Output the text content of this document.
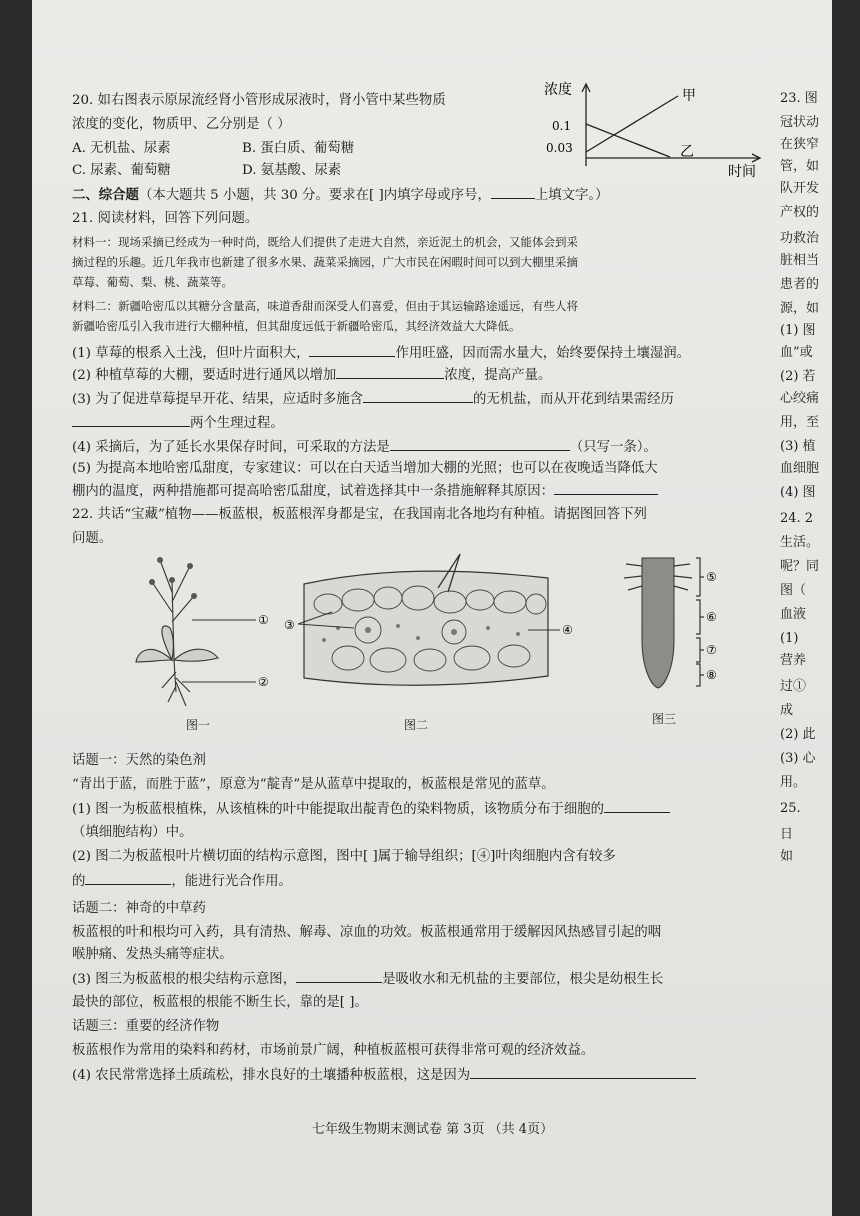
20. 如右图表示原尿流经肾小管形成尿液时，肾小管中某些物质
浓度的变化，物质甲、乙分别是（ ）
A. 无机盐、尿素	B. 蛋白质、葡萄糖
C. 尿素、葡萄糖	D. 氨基酸、尿素
浓度
0.1
0.03
甲
乙
时间
二、综合题（本大题共 5 小题，共 30 分。要求在[ ]内填字母或序号，	上填文字。）
21. 阅读材料，回答下列问题。
材料一：现场采摘已经成为一种时尚，既给人们提供了走进大自然，亲近泥土的机会，又能体会到采
摘过程的乐趣。近几年我市也新建了很多水果、蔬菜采摘园，广大市民在闲暇时间可以到大棚里采摘
草莓、葡萄、梨、桃、蔬菜等。
材料二：新疆哈密瓜以其糖分含量高，味道香甜而深受人们喜爱，但由于其运输路途遥远，有些人将
新疆哈密瓜引入我市进行大棚种植，但其甜度远低于新疆哈密瓜，其经济效益大大降低。
(1) 草莓的根系入土浅，但叶片面积大，	作用旺盛，因而需水量大，始终要保持土壤湿润。
(2) 种植草莓的大棚，要适时进行通风以增加	浓度，提高产量。
(3) 为了促进草莓提早开花、结果，应适时多施含	的无机盐，而从开花到结果需经历
两个生理过程。
(4) 采摘后，为了延长水果保存时间，可采取的方法是	（只写一条）。
(5) 为提高本地哈密瓜甜度，专家建议：可以在白天适当增加大棚的光照；也可以在夜晚适当降低大
棚内的温度，两种措施都可提高哈密瓜甜度，试着选择其中一条措施解释其原因：
22. 共话“宝藏”植物——板蓝根，板蓝根浑身都是宝，在我国南北各地均有种植。请据图回答下列
问题。
①
②
图一
③	④
图二
⑤
⑥
⑦
⑧
图三
话题一：天然的染色剂
“青出于蓝，而胜于蓝”，原意为“靛青”是从蓝草中提取的，板蓝根是常见的蓝草。
(1) 图一为板蓝根植株，从该植株的叶中能提取出靛青色的染料物质，该物质分布于细胞的
（填细胞结构）中。
(2) 图二为板蓝根叶片横切面的结构示意图，图中[ ]属于输导组织；[④]叶肉细胞内含有较多
的	，能进行光合作用。
话题二：神奇的中草药
板蓝根的叶和根均可入药，具有清热、解毒、凉血的功效。板蓝根通常用于缓解因风热感冒引起的咽
喉肿痛、发热头痛等症状。
(3) 图三为板蓝根的根尖结构示意图，	是吸收水和无机盐的主要部位，根尖是幼根生长
最快的部位，板蓝根的根能不断生长，靠的是[ ]。
话题三：重要的经济作物
板蓝根作为常用的染料和药材，市场前景广阔，种植板蓝根可获得非常可观的经济效益。
(4) 农民常常选择土质疏松，排水良好的土壤播种板蓝根，这是因为
23. 图
冠状动
在狭窄
管，如
队开发
产权的
功救治
脏相当
患者的
源，如
(1) 图
血”或
(2) 若
心绞痛
用，至
(3) 植
血细胞
(4) 图
24. 2
生活。
呢？同
图（
血液
(1)
营养
过①
成
(2) 此
(3) 心
用。
25.
日
如
七年级生物期末测试卷 第 3页 （共 4页）
